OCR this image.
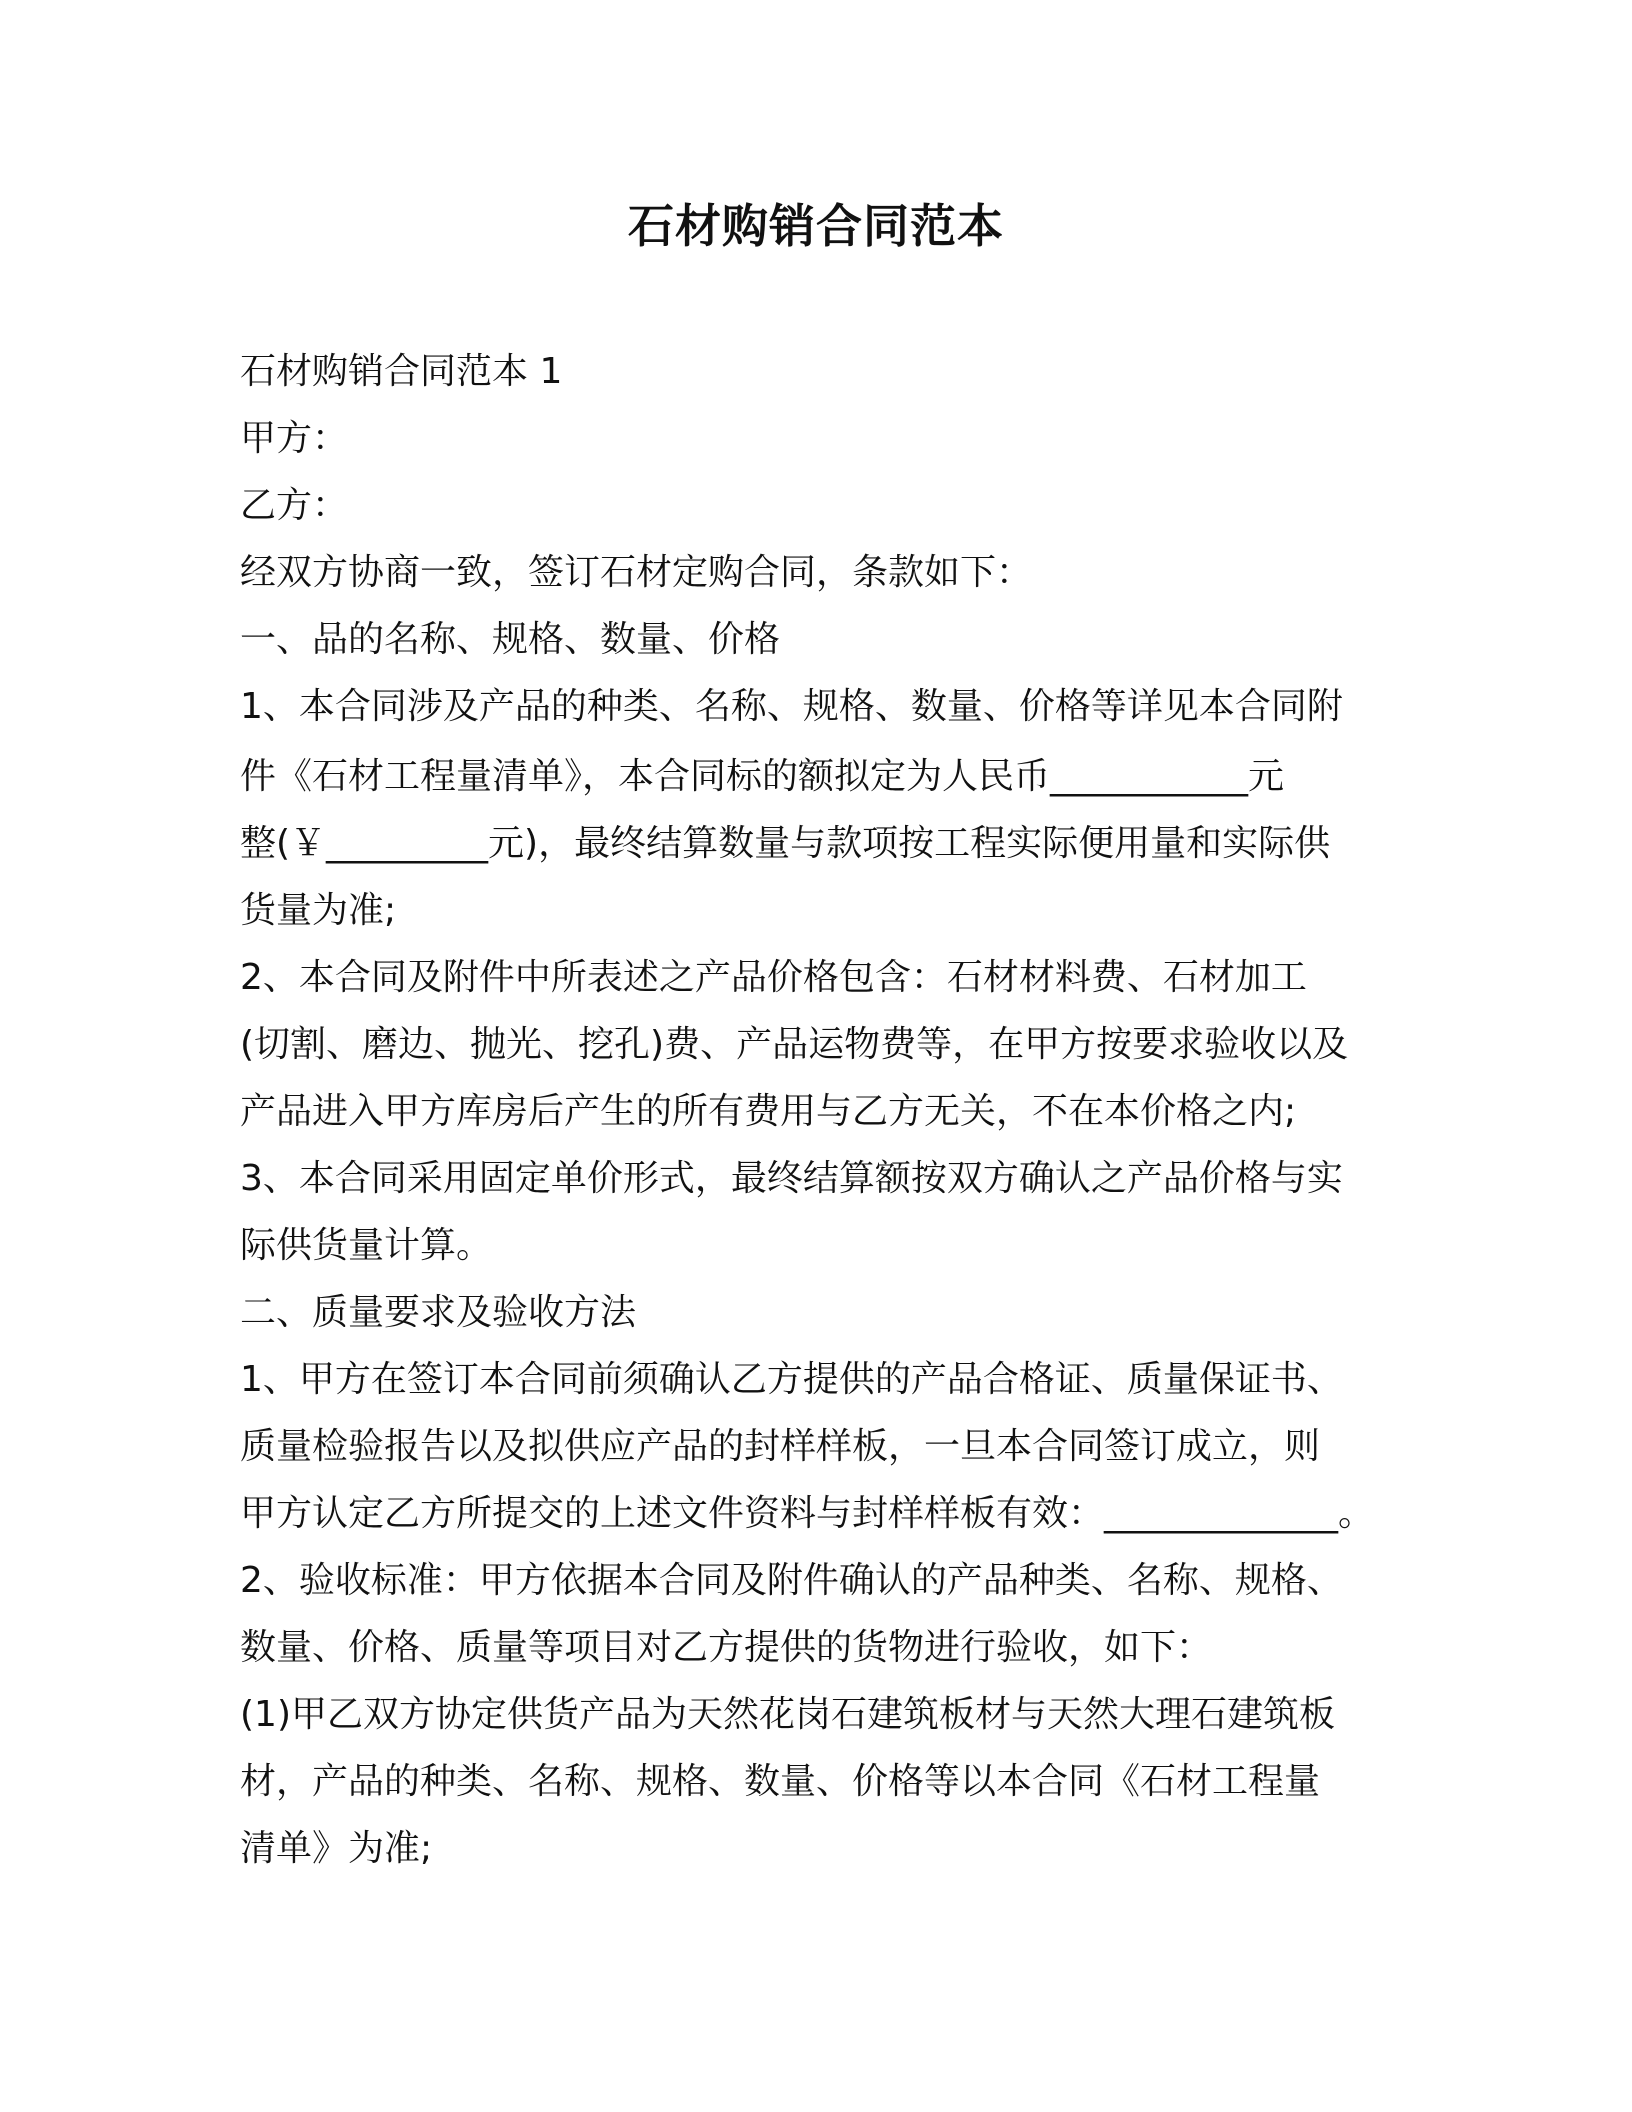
石材购销合同范本

石材购销合同范本 1

甲方：

乙方：

经双方协商一致，签订石材定购合同，条款如下：

一、品的名称、规格、数量、价格

1、本合同涉及产品的种类、名称、规格、数量、价格等详见本合同附

件《石材工程量清单》，本合同标的额拟定为人民币___________元

整(￥_________元)，最终结算数量与款项按工程实际便用量和实际供

货量为准;

2、本合同及附件中所表述之产品价格包含：石材材料费、石材加工

(切割、磨边、抛光、挖孔)费、产品运物费等，在甲方按要求验收以及

产品进入甲方库房后产生的所有费用与乙方无关，不在本价格之内;

3、本合同采用固定单价形式，最终结算额按双方确认之产品价格与实

际供货量计算。

二、质量要求及验收方法

1、甲方在签订本合同前须确认乙方提供的产品合格证、质量保证书、

质量检验报告以及拟供应产品的封样样板，一旦本合同签订成立，则

甲方认定乙方所提交的上述文件资料与封样样板有效：_____________。

2、验收标准：甲方依据本合同及附件确认的产品种类、名称、规格、

数量、价格、质量等项目对乙方提供的货物进行验收，如下：

(1)甲乙双方协定供货产品为天然花岗石建筑板材与天然大理石建筑板

材，产品的种类、名称、规格、数量、价格等以本合同《石材工程量

清单》为准;
